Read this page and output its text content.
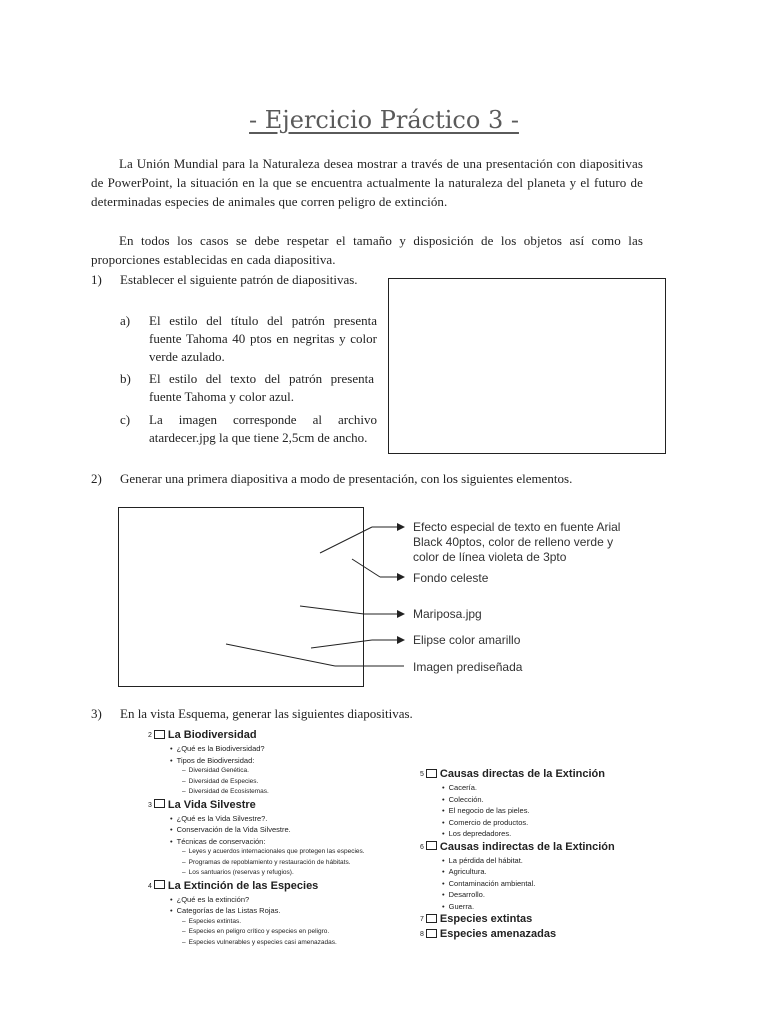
- Ejercicio Práctico 3 -

La Unión Mundial para la Naturaleza desea mostrar a través de una presentación con diapositivas de PowerPoint, la situación en la que se encuentra actualmente la naturaleza del planeta y el futuro de determinadas especies de animales que corren peligro de extinción.

En todos los casos se debe respetar el tamaño y disposición de los objetos así como las proporciones establecidas en cada diapositiva.

1) Establecer el siguiente patrón de diapositivas.
a) El estilo del título del patrón presenta fuente Tahoma 40 ptos en negritas y color verde azulado.
b) El estilo del texto del patrón presenta fuente Tahoma y color azul.
c) La imagen corresponde al archivo atardecer.jpg la que tiene 2,5cm de ancho.
2) Generar una primera diapositiva a modo de presentación, con los siguientes elementos.
Efecto especial de texto en fuente Arial Black 40ptos, color de relleno verde y color de línea violeta de 3pto
Fondo celeste
Mariposa.jpg
Elipse color amarillo
Imagen prediseñada
3) En la vista Esquema, generar las siguientes diapositivas.
$^2$ La Biodiversidad
• ¿Qué es la Biodiversidad?
• Tipos de Biodiversidad:
– Diversidad Genética.
– Diversidad de Especies.
– Diversidad de Ecosistemas.
$^3$ La Vida Silvestre
• ¿Qué es la Vida Silvestre?.
• Conservación de la Vida Silvestre.
• Técnicas de conservación:
– Leyes y acuerdos internacionales que protegen las especies.
– Programas de repoblamiento y restauración de hábitats.
– Los santuarios (reservas y refugios).
$^4$ La Extinción de las Especies
• ¿Qué es la extinción?
• Categorías de las Listas Rojas.
– Especies extintas.
– Especies en peligro crítico y especies en peligro.
– Especies vulnerables y especies casi amenazadas.
$^5$ Causas directas de la Extinción
• Cacería.
• Colección.
• El negocio de las pieles.
• Comercio de productos.
• Los depredadores.
$^6$ Causas indirectas de la Extinción
• La pérdida del hábitat.
• Agricultura.
• Contaminación ambiental.
• Desarrollo.
• Guerra.
$^7$ Especies extintas
$^8$ Especies amenazadas
